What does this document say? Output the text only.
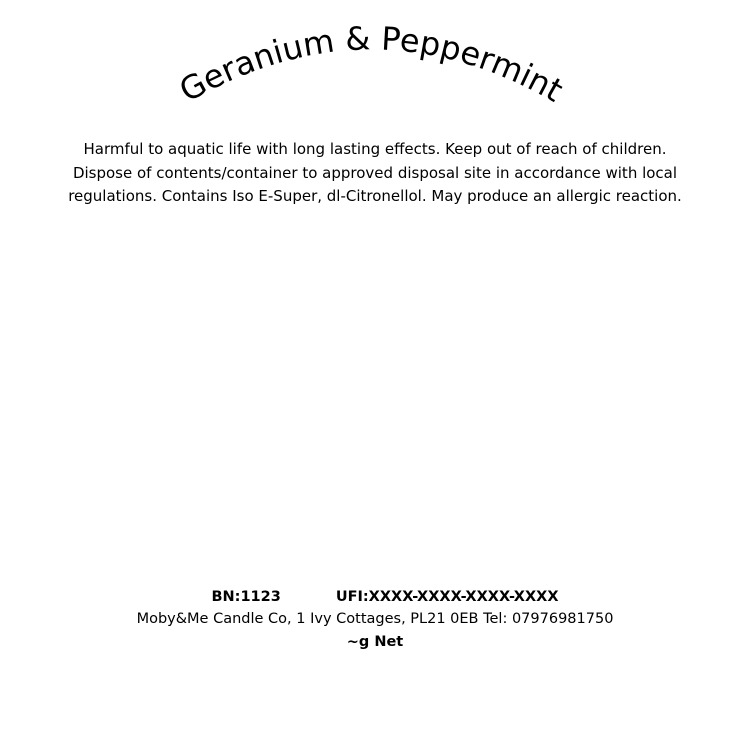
Geranium & Peppermint
Harmful to aquatic life with long lasting effects. Keep out of reach of children.
Dispose of contents/container to approved disposal site in accordance with local
regulations. Contains Iso E-Super, dl-Citronellol. May produce an allergic reaction.
BN:1123	UFI:XXXX-XXXX-XXXX-XXXX
Moby&Me Candle Co, 1 Ivy Cottages, PL21 0EB Tel: 07976981750
~g Net
